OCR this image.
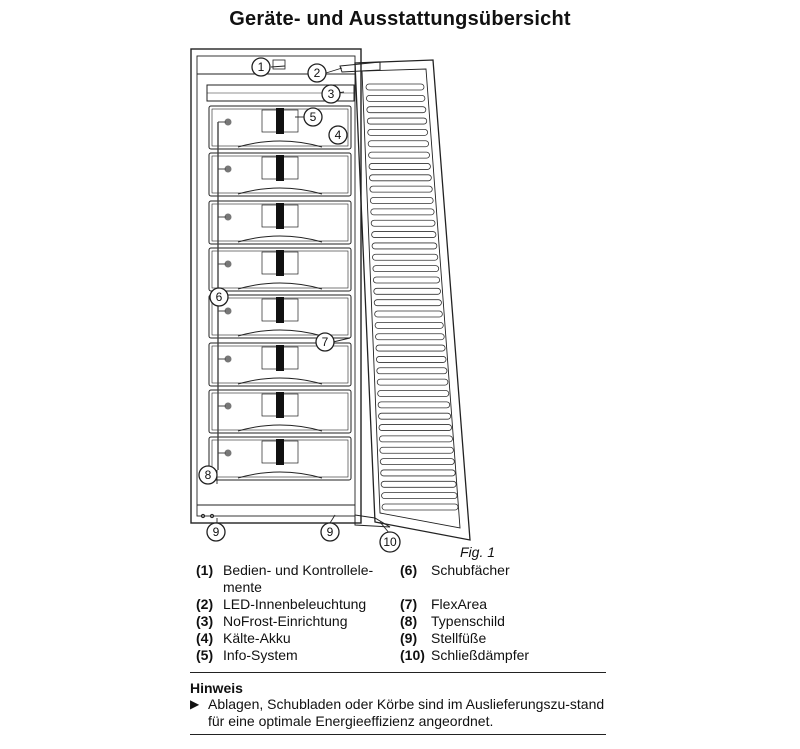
Geräte- und Ausstattungsübersicht
1	2
3
4
5
6
7
8
9	9
10
Fig. 1
(1) Bedien- und Kontrollele-
mente
(2) LED-Innenbeleuchtung
(3) NoFrost-Einrichtung
(4) Kälte-Akku
(5) Info-System
(6) Schubfächer

(7) FlexArea
(8) Typenschild
(9) Stellfüße
(10) Schließdämpfer
Hinweis
▶ Ablagen, Schubladen oder Körbe sind im Auslieferungszu-stand für eine optimale Energieeffizienz angeordnet.
